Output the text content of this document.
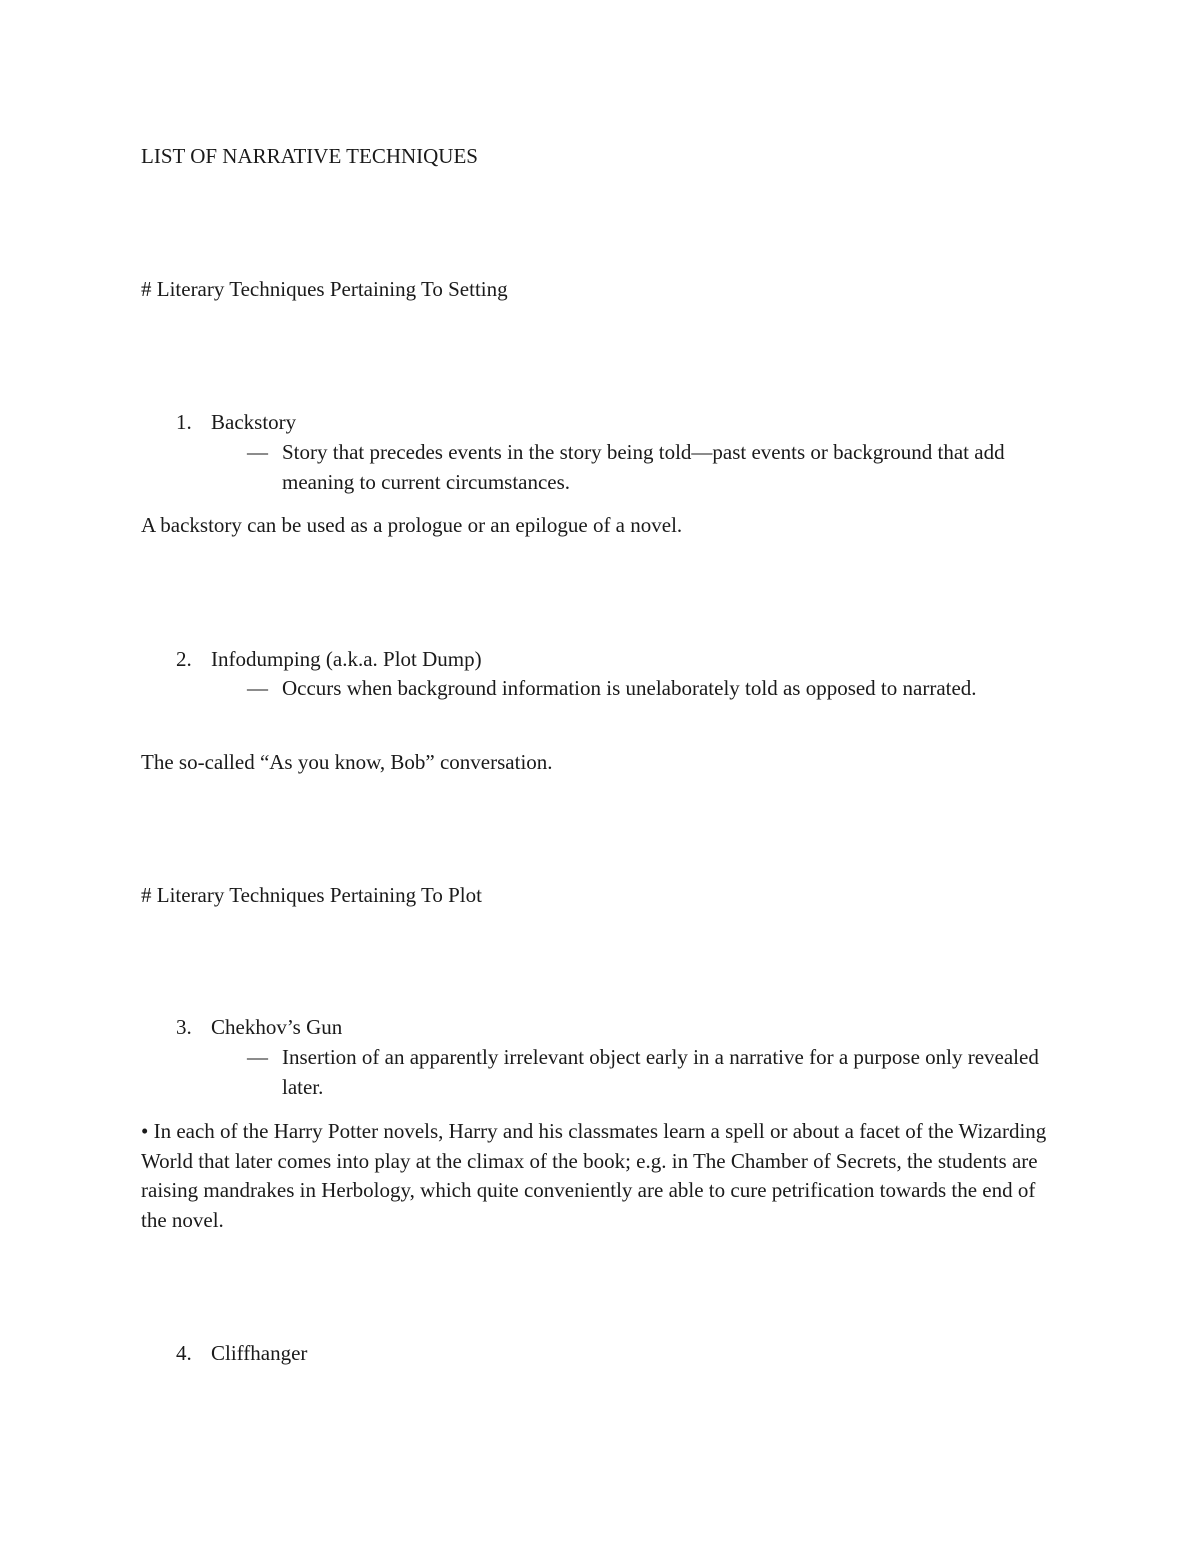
LIST OF NARRATIVE TECHNIQUES
# Literary Techniques Pertaining To Setting
1. Backstory
— Story that precedes events in the story being told—past events or background that add meaning to current circumstances.
A backstory can be used as a prologue or an epilogue of a novel.
2. Infodumping (a.k.a. Plot Dump)
— Occurs when background information is unelaborately told as opposed to narrated.
The so-called “As you know, Bob” conversation.
# Literary Techniques Pertaining To Plot
3. Chekhov’s Gun
— Insertion of an apparently irrelevant object early in a narrative for a purpose only revealed later.
• In each of the Harry Potter novels, Harry and his classmates learn a spell or about a facet of the Wizarding World that later comes into play at the climax of the book; e.g. in The Chamber of Secrets, the students are raising mandrakes in Herbology, which quite conveniently are able to cure petrification towards the end of the novel.
4. Cliffhanger
